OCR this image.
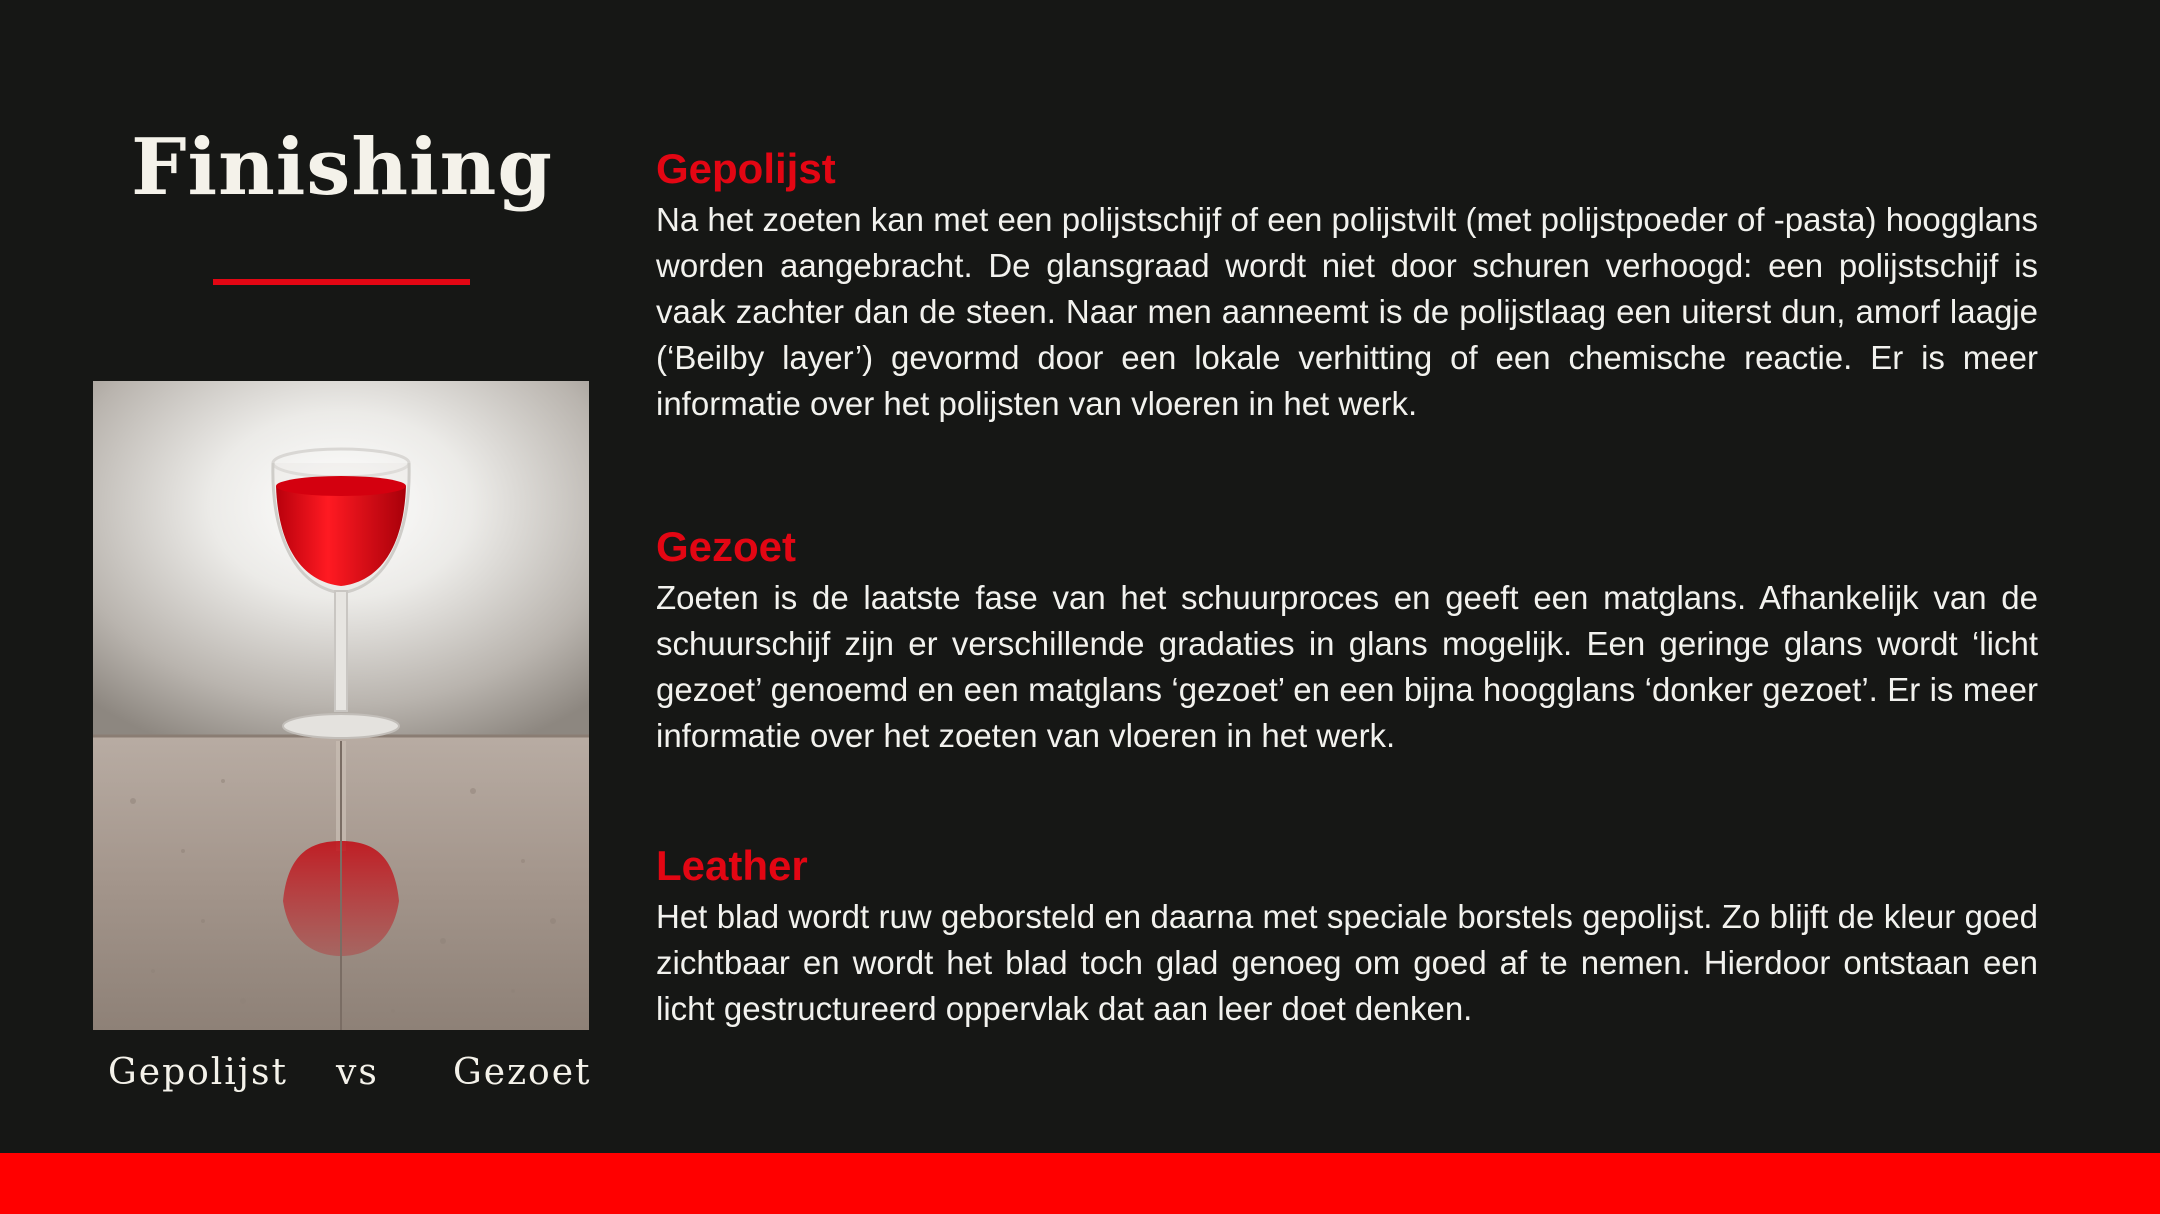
Finishing
Gepolijst vs Gezoet
Gepolijst

Na het zoeten kan met een polijstschijf of een polijstvilt (met polijstpoeder of -pasta) hoogglans worden aangebracht. De glansgraad wordt niet door schuren verhoogd: een polijstschijf is vaak zachter dan de steen. Naar men aanneemt is de polijstlaag een uiterst dun, amorf laagje (‘Beilby layer’) gevormd door een lokale verhitting of een chemische reactie. Er is meer informatie over het polijsten van vloeren in het werk.

Gezoet

Zoeten is de laatste fase van het schuurproces en geeft een matglans. Afhankelijk van de schuurschijf zijn er verschillende gradaties in glans mogelijk. Een geringe glans wordt ‘licht gezoet’ genoemd en een matglans ‘gezoet’ en een bijna hoogglans ‘donker gezoet’. Er is meer informatie over het zoeten van vloeren in het werk.

Leather

Het blad wordt ruw geborsteld en daarna met speciale borstels gepolijst. Zo blijft de kleur goed zichtbaar en wordt het blad toch glad genoeg om goed af te nemen. Hierdoor ontstaan een licht gestructureerd oppervlak dat aan leer doet denken.
